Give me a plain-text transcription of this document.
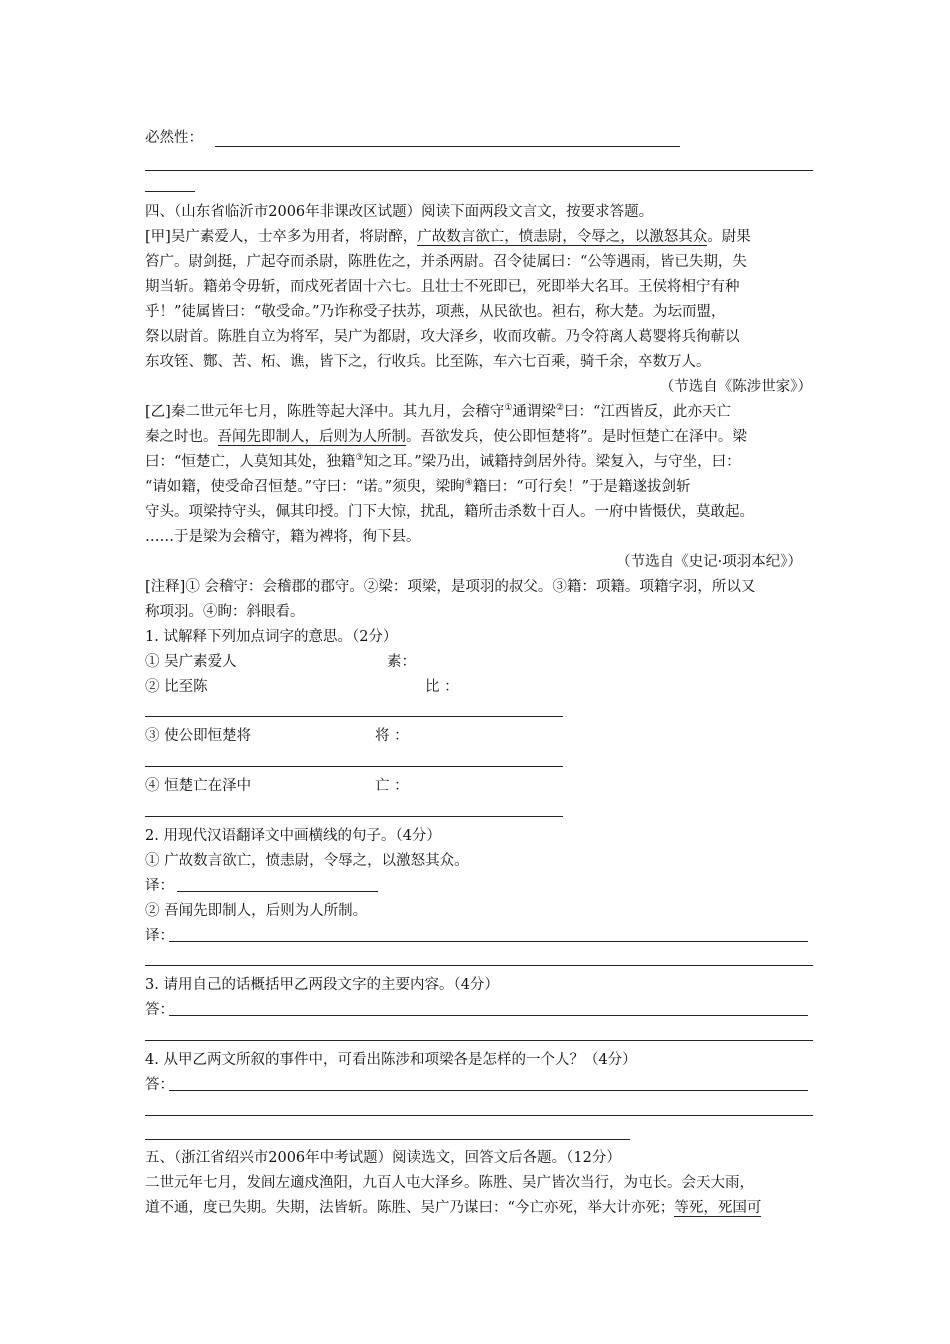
必然性：
四、（山东省临沂市2006年非课改区试题）阅读下面两段文言文，按要求答题。
[甲]吴广素爱人，士卒多为用者，将尉醉，广故数言欲亡，愤恚尉，令辱之，以激怒其众。尉果
笞广。尉剑挺，广起夺而杀尉，陈胜佐之，并杀两尉。召令徒属曰：“公等遇雨，皆已失期，失
期当斩。籍弟令毋斩，而戍死者固十六七。且壮士不死即已，死即举大名耳。王侯将相宁有种
乎！”徒属皆曰：“敬受命。”乃诈称受子扶苏，项燕，从民欲也。袒右，称大楚。为坛而盟，
祭以尉首。陈胜自立为将军，吴广为都尉，攻大泽乡，收而攻蕲。乃令符离人葛婴将兵徇蕲以
东攻铚、酂、苦、柘、谯，皆下之，行收兵。比至陈，车六七百乘，骑千余，卒数万人。
（节选自《陈涉世家》）
[乙]秦二世元年七月，陈胜等起大泽中。其九月，会稽守①通谓梁②曰：“江西皆反，此亦天亡
秦之时也。吾闻先即制人，后则为人所制。吾欲发兵，使公即恒楚将”。是时恒楚亡在泽中。梁
曰：“恒楚亡，人莫知其处，独籍③知之耳。”梁乃出，诫籍持剑居外待。梁复入，与守坐，曰：
“请如籍，使受命召恒楚。”守曰：“诺。”须臾，梁眴④籍曰：“可行矣！”于是籍遂拔剑斩
守头。项梁持守头，佩其印授。门下大惊，扰乱，籍所击杀数十百人。一府中皆慑伏，莫敢起。
……于是梁为会稽守，籍为裨将，徇下县。
（节选自《史记·项羽本纪》）
[注释]① 会稽守：会稽郡的郡守。②梁：项梁，是项羽的叔父。③籍：项籍。项籍字羽，所以又
称项羽。④眴：斜眼看。
1. 试解释下列加点词字的意思。（2分）
① 吴广素爱人	素：
② 比至陈	比 ：
③ 使公即恒楚将	将 ：
④ 恒楚亡在泽中	亡 ：
2. 用现代汉语翻译文中画横线的句子。（4分）
① 广故数言欲亡，愤恚尉，令辱之，以激怒其众。
译：
② 吾闻先即制人，后则为人所制。
译：
3. 请用自己的话概括甲乙两段文字的主要内容。（4分）
答：
4. 从甲乙两文所叙的事件中，可看出陈涉和项梁各是怎样的一个人？（4分）
答：
五、（浙江省绍兴市2006年中考试题）阅读选文，回答文后各题。（12分）
二世元年七月，发闾左適戍渔阳，九百人屯大泽乡。陈胜、吴广皆次当行，为屯长。会天大雨，
道不通，度已失期。失期，法皆斩。陈胜、吴广乃谋曰：“今亡亦死，举大计亦死；等死，死国可
